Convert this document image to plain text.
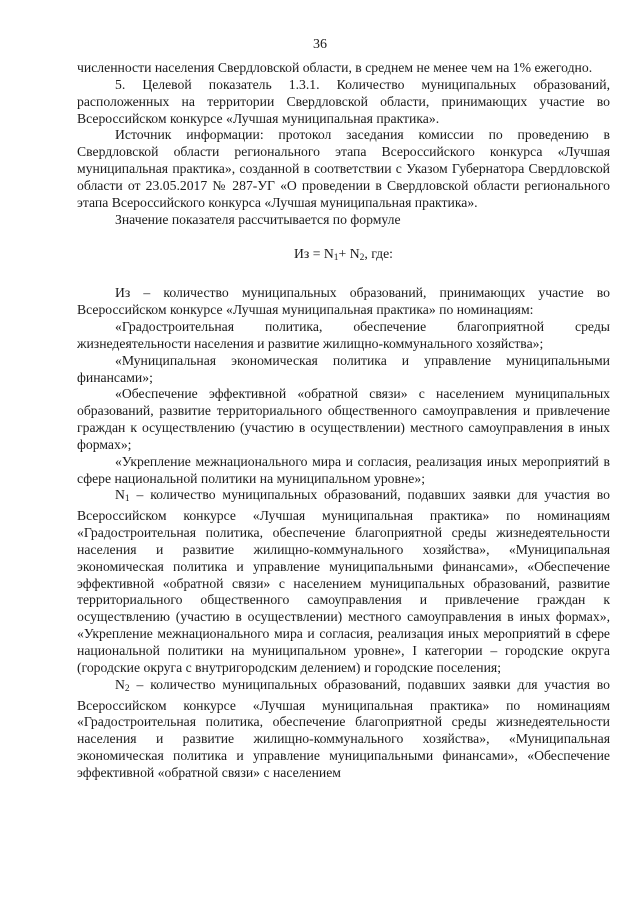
36

численности населения Свердловской области, в среднем не менее чем на 1% ежегодно.

5. Целевой показатель 1.3.1. Количество муниципальных образований, расположенных на территории Свердловской области, принимающих участие во Всероссийском конкурсе «Лучшая муниципальная практика».

Источник информации: протокол заседания комиссии по проведению в Свердловской области регионального этапа Всероссийского конкурса «Лучшая муниципальная практика», созданной в соответствии с Указом Губернатора Свердловской области от 23.05.2017 № 287-УГ «О проведении в Свердловской области регионального этапа Всероссийского конкурса «Лучшая муниципальная практика».

Значение показателя рассчитывается по формуле

Из = $N_1+ N_2$, где:

Из – количество муниципальных образований, принимающих участие во Всероссийском конкурсе «Лучшая муниципальная практика» по номинациям:

«Градостроительная политика, обеспечение благоприятной среды жизнедеятельности населения и развитие жилищно-коммунального хозяйства»;

«Муниципальная экономическая политика и управление муниципальными финансами»;

«Обеспечение эффективной «обратной связи» с населением муниципальных образований, развитие территориального общественного самоуправления и привлечение граждан к осуществлению (участию в осуществлении) местного самоуправления в иных формах»;

«Укрепление межнационального мира и согласия, реализация иных мероприятий в сфере национальной политики на муниципальном уровне»;

$N_1$ – количество муниципальных образований, подавших заявки для участия во Всероссийском конкурсе «Лучшая муниципальная практика» по номинациям «Градостроительная политика, обеспечение благоприятной среды жизнедеятельности населения и развитие жилищно-коммунального хозяйства», «Муниципальная экономическая политика и управление муниципальными финансами», «Обеспечение эффективной «обратной связи» с населением муниципальных образований, развитие территориального общественного самоуправления и привлечение граждан к осуществлению (участию в осуществлении) местного самоуправления в иных формах», «Укрепление межнационального мира и согласия, реализация иных мероприятий в сфере национальной политики на муниципальном уровне», I категории – городские округа (городские округа с внутригородским делением) и городские поселения;

$N_2$ – количество муниципальных образований, подавших заявки для участия во Всероссийском конкурсе «Лучшая муниципальная практика» по номинациям «Градостроительная политика, обеспечение благоприятной среды жизнедеятельности населения и развитие жилищно-коммунального хозяйства», «Муниципальная экономическая политика и управление муниципальными финансами», «Обеспечение эффективной «обратной связи» с населением
